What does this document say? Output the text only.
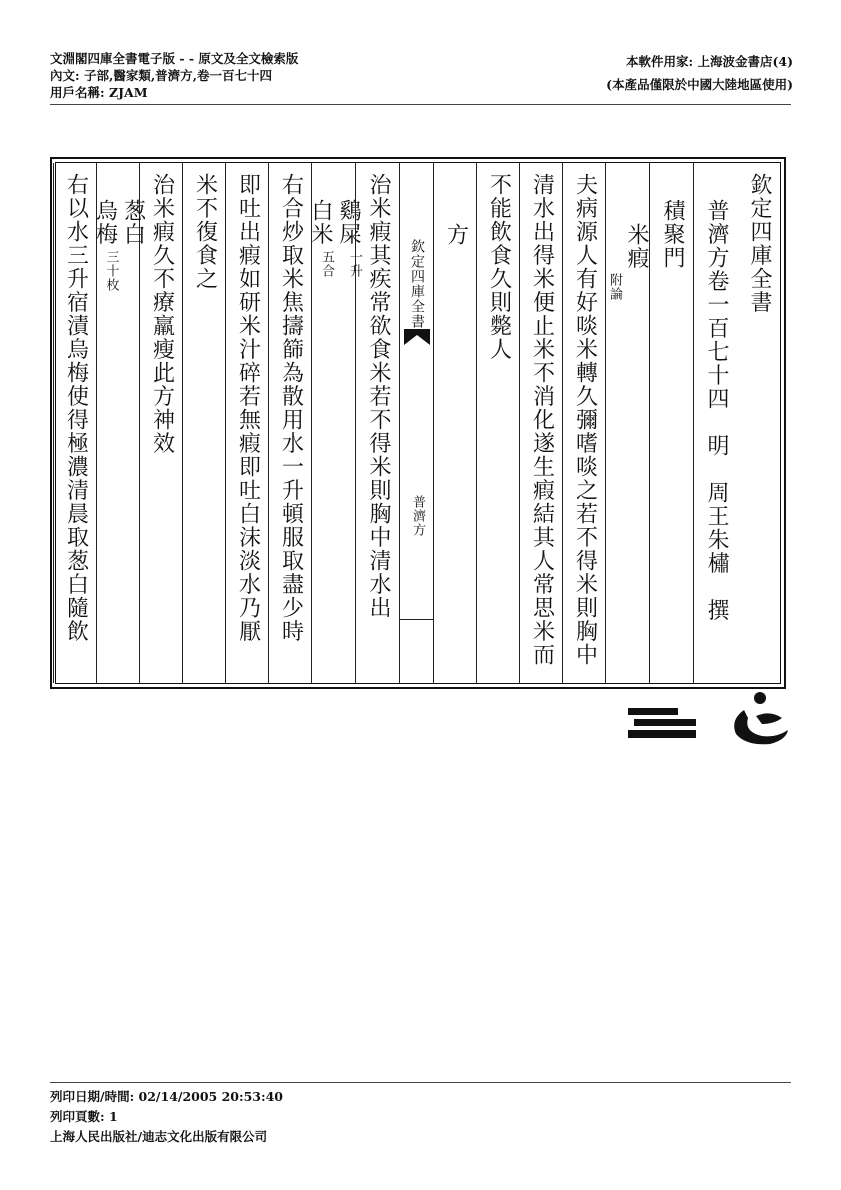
文淵閣四庫全書電子版 - - 原文及全文檢索版
內文: 子部,醫家類,普濟方,卷一百七十四
用戶名稱: ZJAM
本軟件用家: 上海波金書店(4)
(本產品僅限於中國大陸地區使用)
欽定四庫全書
普濟方卷一百七十四　明　周王朱橚　撰
積聚門
附論
米瘕
夫病源人有好啖米轉久彌嗜啖之若不得米則胸中
清水出得米便止米不消化遂生瘕結其人常思米而
不能飲食久則斃人
方
欽定四庫全書
普濟方
治米瘕其疾常欲食米若不得米則胸中清水出
白米
五合
鷄屎
一升
右合炒取米焦擣篩為散用水一升頓服取盡少時
即吐出瘕如研米汁碎若無瘕即吐白沫淡水乃厭
米不復食之
治米瘕久不療羸瘦此方神效
烏梅
三十枚
葱白
右以水三升宿漬烏梅使得極濃清晨取葱白隨飲
列印日期/時間: 02/14/2005 20:53:40
列印頁數: 1
上海人民出版社/迪志文化出版有限公司
